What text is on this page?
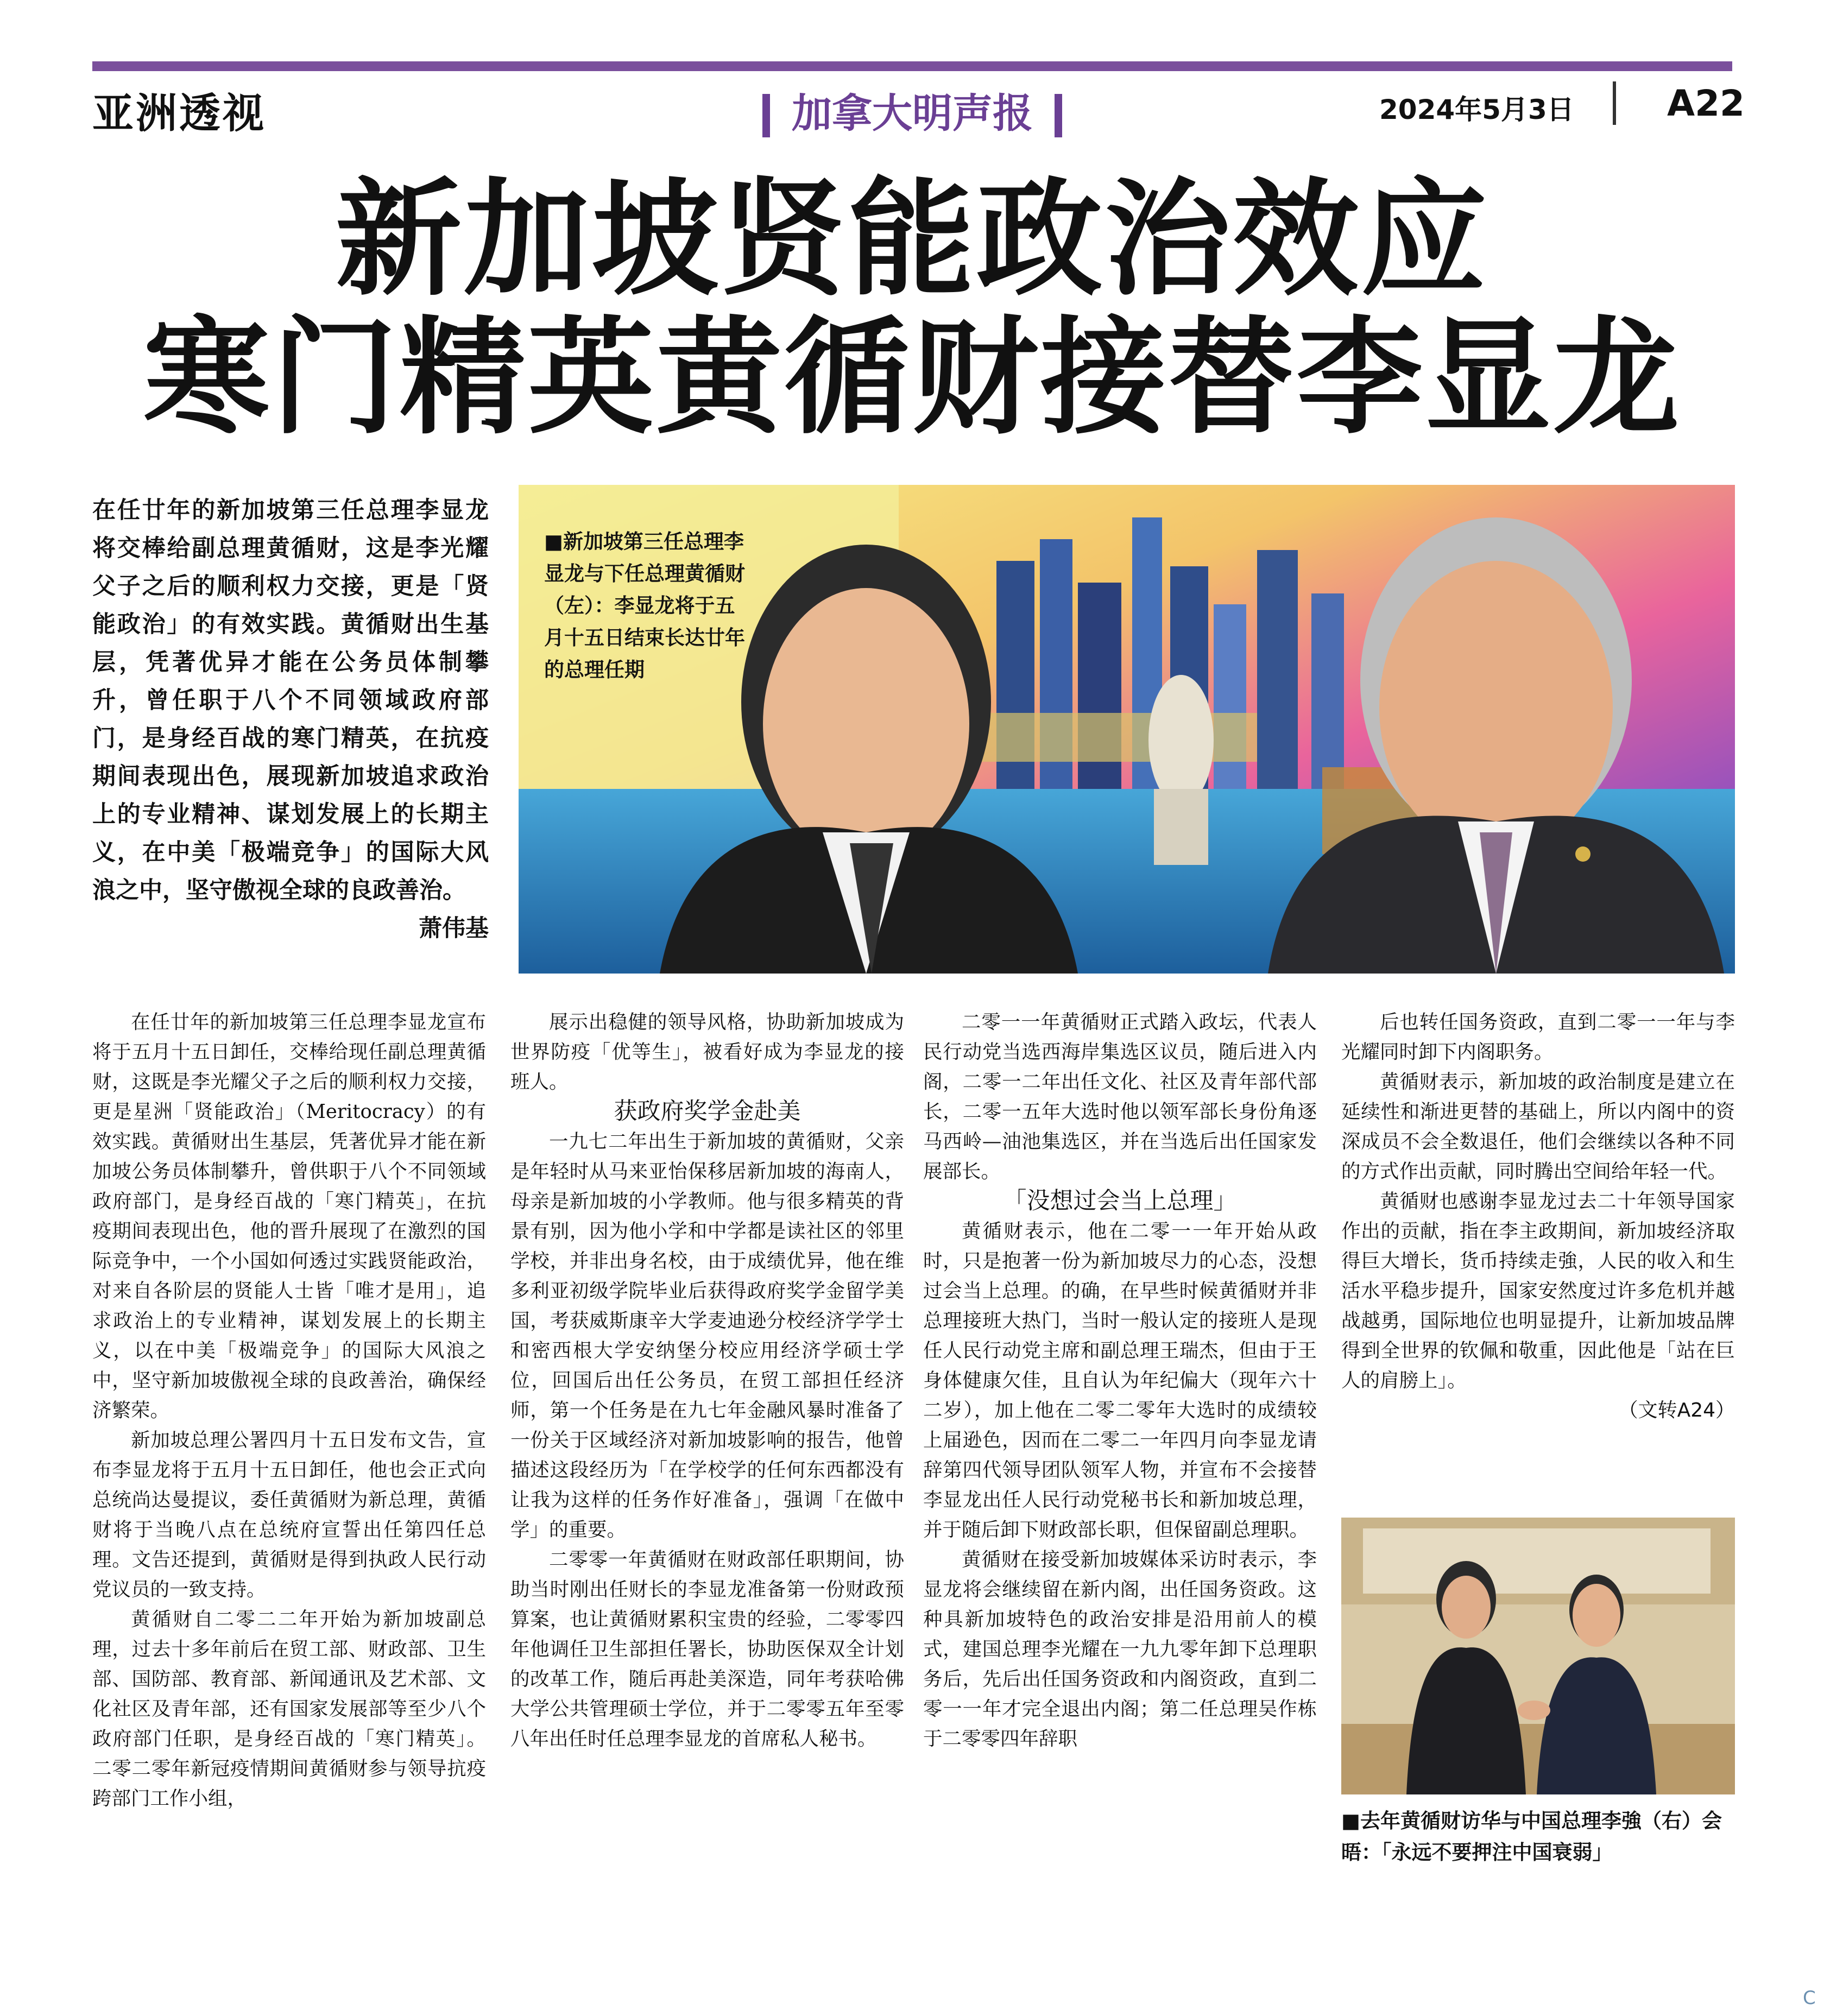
亚洲透视	加拿大明声报	2024年5月3日	A22
新加坡贤能政治效应
寒门精英黄循财接替李显龙
在任廿年的新加坡第三任总理李显龙将交棒给副总理黄循财，这是李光耀父子之后的顺利权力交接，更是「贤能政治」的有效实践。黄循财出生基层，凭著优异才能在公务员体制攀升，曾任职于八个不同领域政府部门，是身经百战的寒门精英，在抗疫期间表现出色，展现新加坡追求政治上的专业精神、谋划发展上的长期主义，在中美「极端竞争」的国际大风浪之中，坚守傲视全球的良政善治。
萧伟基
■新加坡第三任总理李显龙与下任总理黄循财（左）：李显龙将于五月十五日结束长达廿年的总理任期

在任廿年的新加坡第三任总理李显龙宣布将于五月十五日卸任，交棒给现任副总理黄循财，这既是李光耀父子之后的顺利权力交接，更是星洲「贤能政治」（Meritocracy）的有效实践。黄循财出生基层，凭著优异才能在新加坡公务员体制攀升，曾供职于八个不同领域政府部门，是身经百战的「寒门精英」，在抗疫期间表现出色，他的晋升展现了在激烈的国际竞争中，一个小国如何透过实践贤能政治，对来自各阶层的贤能人士皆「唯才是用」，追求政治上的专业精神，谋划发展上的长期主义，以在中美「极端竞争」的国际大风浪之中，坚守新加坡傲视全球的良政善治，确保经济繁荣。

新加坡总理公署四月十五日发布文告，宣布李显龙将于五月十五日卸任，他也会正式向总统尚达曼提议，委任黄循财为新总理，黄循财将于当晚八点在总统府宣誓出任第四任总理。文告还提到，黄循财是得到执政人民行动党议员的一致支持。

黄循财自二零二二年开始为新加坡副总理，过去十多年前后在贸工部、财政部、卫生部、国防部、教育部、新闻通讯及艺术部、文化社区及青年部，还有国家发展部等至少八个政府部门任职，是身经百战的「寒门精英」。二零二零年新冠疫情期间黄循财参与领导抗疫跨部门工作小组，

展示出稳健的领导风格，协助新加坡成为世界防疫「优等生」，被看好成为李显龙的接班人。

获政府奖学金赴美

一九七二年出生于新加坡的黄循财，父亲是年轻时从马来亚怡保移居新加坡的海南人，母亲是新加坡的小学教师。他与很多精英的背景有别，因为他小学和中学都是读社区的邻里学校，并非出身名校，由于成绩优异，他在维多利亚初级学院毕业后获得政府奖学金留学美国，考获威斯康辛大学麦迪逊分校经济学学士和密西根大学安纳堡分校应用经济学硕士学位，回国后出任公务员，在贸工部担任经济师，第一个任务是在九七年金融风暴时准备了一份关于区域经济对新加坡影响的报告，他曾描述这段经历为「在学校学的任何东西都没有让我为这样的任务作好准备」，强调「在做中学」的重要。

二零零一年黄循财在财政部任职期间，协助当时刚出任财长的李显龙准备第一份财政预算案，也让黄循财累积宝贵的经验，二零零四年他调任卫生部担任署长，协助医保双全计划的改革工作，随后再赴美深造，同年考获哈佛大学公共管理硕士学位，并于二零零五年至零八年出任时任总理李显龙的首席私人秘书。

二零一一年黄循财正式踏入政坛，代表人民行动党当选西海岸集选区议员，随后进入内阁，二零一二年出任文化、社区及青年部代部长，二零一五年大选时他以领军部长身份角逐马西岭—油池集选区，并在当选后出任国家发展部长。

「没想过会当上总理」

黄循财表示，他在二零一一年开始从政时，只是抱著一份为新加坡尽力的心态，没想过会当上总理。的确，在早些时候黄循财并非总理接班大热门，当时一般认定的接班人是现任人民行动党主席和副总理王瑞杰，但由于王身体健康欠佳，且自认为年纪偏大（现年六十二岁），加上他在二零二零年大选时的成绩较上届逊色，因而在二零二一年四月向李显龙请辞第四代领导团队领军人物，并宣布不会接替李显龙出任人民行动党秘书长和新加坡总理，并于随后卸下财政部长职，但保留副总理职。

黄循财在接受新加坡媒体采访时表示，李显龙将会继续留在新内阁，出任国务资政。这种具新加坡特色的政治安排是沿用前人的模式，建国总理李光耀在一九九零年卸下总理职务后，先后出任国务资政和内阁资政，直到二零一一年才完全退出内阁；第二任总理吴作栋于二零零四年辞职

后也转任国务资政，直到二零一一年与李光耀同时卸下内阁职务。

黄循财表示，新加坡的政治制度是建立在延续性和渐进更替的基础上，所以内阁中的资深成员不会全数退任，他们会继续以各种不同的方式作出贡献，同时腾出空间给年轻一代。

黄循财也感谢李显龙过去二十年领导国家作出的贡献，指在李主政期间，新加坡经济取得巨大增长，货币持续走強，人民的收入和生活水平稳步提升，国家安然度过许多危机并越战越勇，国际地位也明显提升，让新加坡品牌得到全世界的钦佩和敬重，因此他是「站在巨人的肩膀上」。

（文转A24）

■去年黄循财访华与中国总理李強（右）会晤：「永远不要押注中国衰弱」
C
